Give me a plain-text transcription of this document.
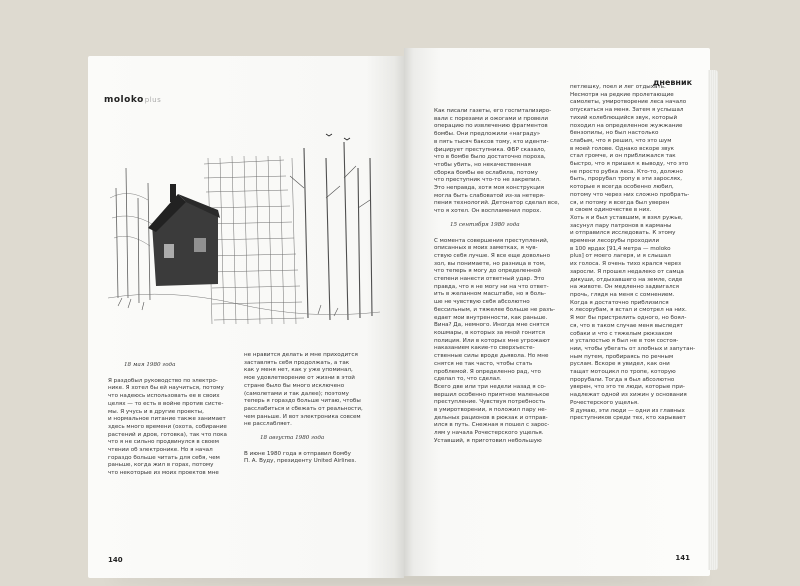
molokoplus

18 мая 1980 года

Я раздобыл руководство по электро-
нике. Я хотел бы ей научиться, потому
что надеюсь использовать ее в своих
целях — то есть в войне против систе-
мы. Я учусь и в другие проекты,
и нормальное питание также занимает
здесь много времени (охота, собирание
растений и дров, готовка), так что пока
что я не сильно продвинулся в своем
чтении об электронике. Но я начал
гораздо больше читать для себя, чем
раньше, когда жил в горах, потому
что некоторые из моих проектов мне

не нравится делать и мне приходится
заставлять себя продолжать, а так
как у меня нет, как у уже упоминал,
мое удовлетворение от жизни в этой
стране было бы много исключено
(самолетами и так далее); поэтому
теперь я гораздо больше читаю, чтобы
расслабиться и сбежать от реальности,
чем раньше. И вот электроника совсем
не расслабляет.

18 августа 1980 года

В июне 1980 года я отправил бомбу
П. А. Вуду, президенту United Airlines.

140
дневник

Как писали газеты, его госпитализиро-
вали с порезами и ожогами и провели
операцию по извлечению фрагментов
бомбы. Они предложили «награду»
в пять тысяч баксов тому, кто иденти-
фицирует преступника. ФБР сказало,
что в бомбе было достаточно пороха,
чтобы убить, но некачественная
сборка бомбы ее ослабила, потому
что преступник что-то не закрепил.
Это неправда, хотя моя конструкция
могла быть слабоватой из-за нетеря-
пения технологий. Детонатор сделал все,
что я хотел. Он воспламенил порох.

15 сентября 1980 года

С момента совершения преступлений,
описанных в моих заметках, я чув-
ствую себя лучше. Я все еще довольно
зол, вы понимаете, но разница в том,
что теперь я могу до определенной
степени нанести ответный удар. Это
правда, что я не могу ни на что ответ-
ить в желанном масштабе, но я боль-
ше не чувствую себя абсолютно
бессильным, и тяжелее больше не разъ-
едает мои внутренности, как раньше.
Вина? Да, немного. Иногда мне снятся
кошмары, в которых за мной гонится
полиция. Или в которых мне угрожают
наказанием какие-то сверхъесте-
ственные силы вроде дьявола. Но мне
снятся не так часто, чтобы стать
проблемой. Я определенно рад, что
сделал то, что сделал.
Всего две или три недели назад я со-
вершил особенно приятное маленькое
преступление. Чувствуя потребность
в умиротворении, я положил пару не-
дельных рационов в рюкзак и отправ-
ился в путь. Снежная я пошел с зарос-
лям у начала Рочестерского ущелья.
Уставший, я приготовил небольшую

петлешку, поел и лег отдыхать.
Несмотря на редкие пролетающие
самолеты, умиротворение леса начало
опускаться на меня. Затем я услышал
тихий колеблющийся звук, который
походил на определенное жужжание
бензопилы, но был настолько
слабым, что я решил, что это шум
в моей голове. Однако вскоре звук
стал громче, и он приближался так
быстро, что я пришел к выводу, что это
не просто рубка леса. Кто-то, должно
быть, прорубал тропу в эти зарослях,
которые я всегда особенно любил,
потому что через них сложно пробрать-
ся, и потому я всегда был уверен
в своем одиночестве в них.
Хоть я и был уставшим, я взял ружье,
засунул пару патронов в карманы
и отправился исследовать. К этому
времени лесорубы проходили
в 100 ярдах [91,4 метра — moloko
plus] от моего лагеря, и я слышал
их голоса. Я очень тихо крался через
заросли. Я прошел недалеко от самца
дикуши, отдыхавшего на земле, сиде
на животе. Он медленно задвигался
прочь, глядя на меня с сомнением.
Когда я достаточно приблизился
к лесорубам, я встал и смотрел на них.
Я мог бы пристрелить одного, но боял-
ся, что в таком случае меня выследят
собаки и что с тяжелым рюкзаком
и усталостью я был не в том состоя-
нии, чтобы убегать от злобных и запутан-
ным путем, пробираясь по речным
руслам. Вскоре я увидел, как они
тащат мотоцикл по тропе, которую
прорубали. Тогда я был абсолютно
уверен, что это те люди, которые при-
надлежат одной из хижин у основания
Рочестерского ущелья.
Я думаю, эти люди — одни из главных
преступников среди тех, кто харывает

141
